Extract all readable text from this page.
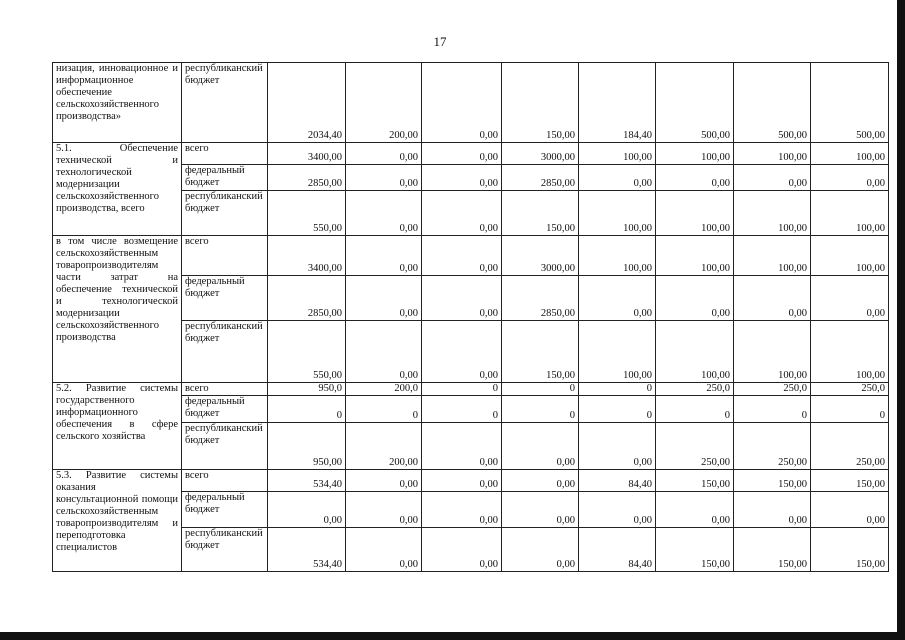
17
низация, инновационное и информационное обеспечение сельскохозяйственного производства»	республиканский бюджет	2034,40	200,00	0,00	150,00	184,40	500,00	500,00	500,00
5.1. Обеспечение технической и технологической модернизации сельскохозяйственного производства, всего	всего	3400,00	0,00	0,00	3000,00	100,00	100,00	100,00	100,00
	федеральный бюджет	2850,00	0,00	0,00	2850,00	0,00	0,00	0,00	0,00
	республиканский бюджет	550,00	0,00	0,00	150,00	100,00	100,00	100,00	100,00
в том числе возмещение сельскохозяйственным товаропроизводителям части затрат на обеспечение технической и технологической модернизации сельскохозяйственного производства	всего	3400,00	0,00	0,00	3000,00	100,00	100,00	100,00	100,00
	федеральный бюджет	2850,00	0,00	0,00	2850,00	0,00	0,00	0,00	0,00
	республиканский бюджет	550,00	0,00	0,00	150,00	100,00	100,00	100,00	100,00
5.2. Развитие системы государственного информационного обеспечения в сфере сельского хозяйства	всего	950,0	200,0	0	0	0	250,0	250,0	250,0
	федеральный бюджет	0	0	0	0	0	0	0	0
	республиканский бюджет	950,00	200,00	0,00	0,00	0,00	250,00	250,00	250,00
5.3. Развитие системы оказания консультационной помощи сельскохозяйственным товаропроизводителям и переподготовка специалистов	всего	534,40	0,00	0,00	0,00	84,40	150,00	150,00	150,00
	федеральный бюджет	0,00	0,00	0,00	0,00	0,00	0,00	0,00	0,00
	республиканский бюджет	534,40	0,00	0,00	0,00	84,40	150,00	150,00	150,00
